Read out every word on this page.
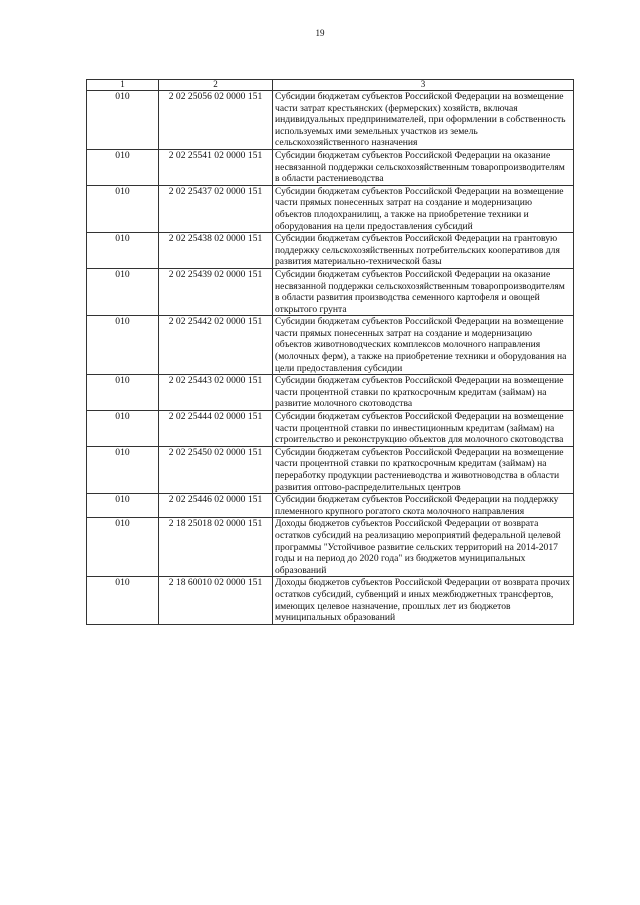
19
1	2	3
010	2 02 25056 02 0000 151	Субсидии бюджетам субъектов Российской Федерации на возмещение части затрат крестьянских (фермерских) хозяйств, включая индивидуальных предпринимателей, при оформлении в собственность используемых ими земельных участков из земель сельскохозяйственного назначения
010	2 02 25541 02 0000 151	Субсидии бюджетам субъектов Российской Федерации на оказание несвязанной поддержки сельскохозяйственным товаропроизводителям в области растениеводства
010	2 02 25437 02 0000 151	Субсидии бюджетам субъектов Российской Федерации на возмещение части прямых понесенных затрат на создание и модернизацию объектов плодохранилищ, а также на приобретение техники и оборудования на цели предоставления субсидий
010	2 02 25438 02 0000 151	Субсидии бюджетам субъектов Российской Федерации на грантовую поддержку сельскохозяйственных потребительских кооперативов для развития материально-технической базы
010	2 02 25439 02 0000 151	Субсидии бюджетам субъектов Российской Федерации на оказание несвязанной поддержки сельскохозяйственным товаропроизводителям в области развития производства семенного картофеля и овощей открытого грунта
010	2 02 25442 02 0000 151	Субсидии бюджетам субъектов Российской Федерации на возмещение части прямых понесенных затрат на создание и модернизацию объектов животноводческих комплексов молочного направления (молочных ферм), а также на приобретение техники и оборудования на цели предоставления субсидии
010	2 02 25443 02 0000 151	Субсидии бюджетам субъектов Российской Федерации на возмещение части процентной ставки по краткосрочным кредитам (займам) на развитие молочного скотоводства
010	2 02 25444 02 0000 151	Субсидии бюджетам субъектов Российской Федерации на возмещение части процентной ставки по инвестиционным кредитам (займам) на строительство и реконструкцию объектов для молочного скотоводства
010	2 02 25450 02 0000 151	Субсидии бюджетам субъектов Российской Федерации на возмещение части процентной ставки по краткосрочным кредитам (займам) на переработку продукции растениеводства и животноводства в области развития оптово-распределительных центров
010	2 02 25446 02 0000 151	Субсидии бюджетам субъектов Российской Федерации на поддержку племенного крупного рогатого скота молочного направления
010	2 18 25018 02 0000 151	Доходы бюджетов субъектов Российской Федерации от возврата остатков субсидий на реализацию мероприятий федеральной целевой программы "Устойчивое развитие сельских территорий на 2014-2017 годы и на период до 2020 года" из бюджетов муниципальных образований
010	2 18 60010 02 0000 151	Доходы бюджетов субъектов Российской Федерации от возврата прочих остатков субсидий, субвенций и иных межбюджетных трансфертов, имеющих целевое назначение, прошлых лет из бюджетов муниципальных образований
